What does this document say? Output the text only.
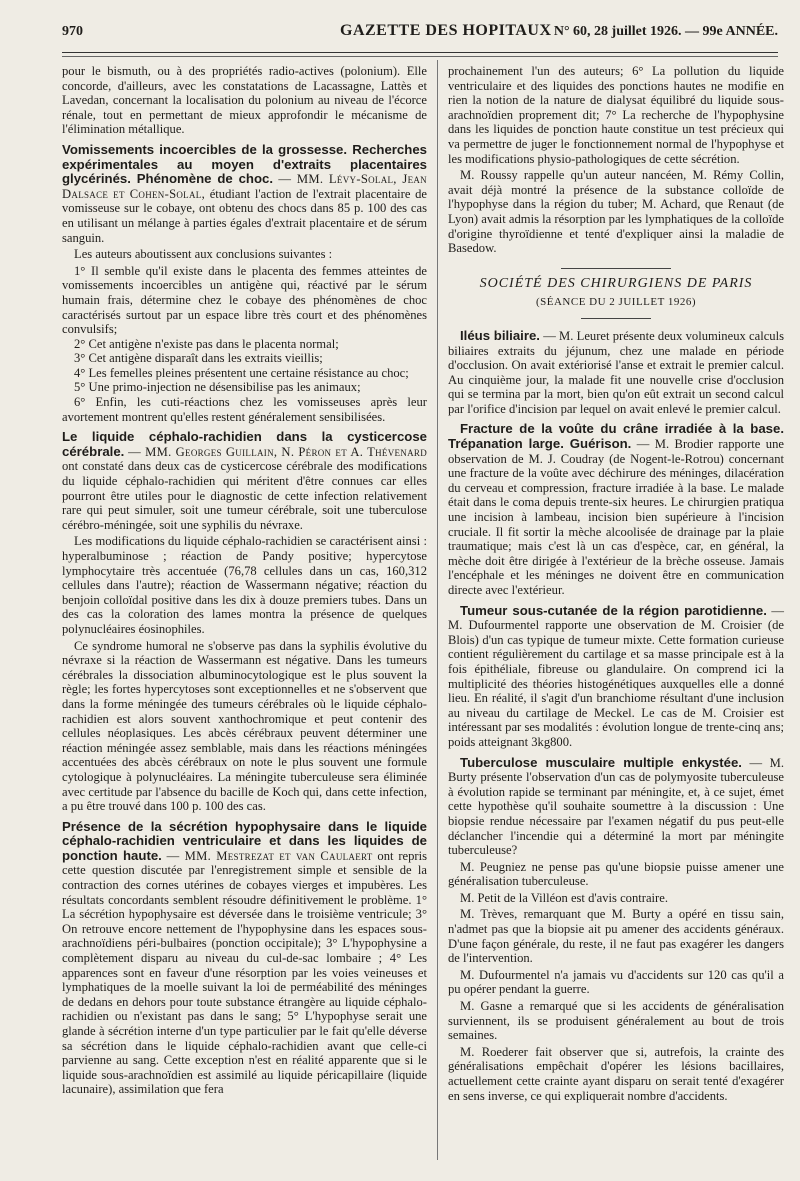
970	GAZETTE DES HOPITAUX N° 60, 28 juillet 1926. — 99e ANNÉE.

pour le bismuth, ou à des propriétés radio-actives (polonium). Elle concorde, d'ailleurs, avec les constatations de Lacassagne, Lattès et Lavedan, concernant la localisation du polonium au niveau de l'écorce rénale, tout en permettant de mieux approfondir le mécanisme de l'élimination métallique.

Vomissements incoercibles de la grossesse. Recherches expérimentales au moyen d'extraits placentaires glycérinés. Phénomène de choc. — MM. Lévy-Solal, Jean Dalsace et Cohen-Solal, étudiant l'action de l'extrait placentaire de vomisseuse sur le cobaye, ont obtenu des chocs dans 85 p. 100 des cas en utilisant un mélange à parties égales d'extrait placentaire et de sérum sanguin.

Les auteurs aboutissent aux conclusions suivantes :

1° Il semble qu'il existe dans le placenta des femmes atteintes de vomissements incoercibles un antigène qui, réactivé par le sérum humain frais, détermine chez le cobaye des phénomènes de choc caractérisés surtout par un espace libre très court et des phénomènes convulsifs;

2° Cet antigène n'existe pas dans le placenta normal;

3° Cet antigène disparaît dans les extraits vieillis;

4° Les femelles pleines présentent une certaine résistance au choc;

5° Une primo-injection ne désensibilise pas les animaux;

6° Enfin, les cuti-réactions chez les vomisseuses après leur avortement montrent qu'elles restent généralement sensibilisées.

Le liquide céphalo-rachidien dans la cysticercose cérébrale. — MM. Georges Guillain, N. Péron et A. Thévenard ont constaté dans deux cas de cysticercose cérébrale des modifications du liquide céphalo-rachidien qui méritent d'être connues car elles pourront être utiles pour le diagnostic de cette infection relativement rare qui peut simuler, soit une tumeur cérébrale, soit une tuberculose cérébro-méningée, soit une syphilis du névraxe.

Les modifications du liquide céphalo-rachidien se caractérisent ainsi : hyperalbuminose ; réaction de Pandy positive; hypercytose lymphocytaire très accentuée (76,78 cellules dans un cas, 160,312 cellules dans l'autre); réaction de Wassermann négative; réaction du benjoin colloïdal positive dans les dix à douze premiers tubes. Dans un des cas la coloration des lames montra la présence de quelques polynucléaires éosinophiles.

Ce syndrome humoral ne s'observe pas dans la syphilis évolutive du névraxe si la réaction de Wassermann est négative. Dans les tumeurs cérébrales la dissociation albuminocytologique est le plus souvent la règle; les fortes hypercytoses sont exceptionnelles et ne s'observent que dans la forme méningée des tumeurs cérébrales où le liquide céphalo-rachidien est alors souvent xanthochromique et peut contenir des cellules néoplasiques. Les abcès cérébraux peuvent déterminer une réaction méningée assez semblable, mais dans les réactions méningées accentuées des abcès cérébraux on note le plus souvent une formule cytologique à polynucléaires. La méningite tuberculeuse sera éliminée avec certitude par l'absence du bacille de Koch qui, dans cette infection, a pu être trouvé dans 100 p. 100 des cas.

Présence de la sécrétion hypophysaire dans le liquide céphalo-rachidien ventriculaire et dans les liquides de ponction haute. — MM. Mestrezat et van Caulaert ont repris cette question discutée par l'enregistrement simple et sensible de la contraction des cornes utérines de cobayes vierges et impubères. Les résultats concordants semblent résoudre définitivement le problème. 1° La sécrétion hypophysaire est déversée dans le troisième ventricule; 3° On retrouve encore nettement de l'hypophysine dans les espaces sous-arachnoïdiens péri-bulbaires (ponction occipitale); 3° L'hypophysine a complètement disparu au niveau du cul-de-sac lombaire ; 4° Les apparences sont en faveur d'une résorption par les voies veineuses et lymphatiques de la moelle suivant la loi de perméabilité des méninges de dedans en dehors pour toute substance étrangère au liquide céphalo-rachidien ou n'existant pas dans le sang; 5° L'hypophyse serait une glande à sécrétion interne d'un type particulier par le fait qu'elle déverse sa sécrétion dans le liquide céphalo-rachidien avant que celle-ci parvienne au sang. Cette exception n'est en réalité apparente que si le liquide sous-arachnoïdien est assimilé au liquide péricapillaire (liquide lacunaire), assimilation que fera

prochainement l'un des auteurs; 6° La pollution du liquide ventriculaire et des liquides des ponctions hautes ne modifie en rien la notion de la nature de dialysat équilibré du liquide sous-arachnoïdien proprement dit; 7° La recherche de l'hypophysine dans les liquides de ponction haute constitue un test précieux qui va permettre de juger le fonctionnement normal de l'hypophyse et les modifications physio-pathologiques de cette sécrétion.

M. Roussy rappelle qu'un auteur nancéen, M. Rémy Collin, avait déjà montré la présence de la substance colloïde de l'hypophyse dans la région du tuber; M. Achard, que Renaut (de Lyon) avait admis la résorption par les lymphatiques de la colloïde d'origine thyroïdienne et tenté d'expliquer ainsi la maladie de Basedow.

SOCIÉTÉ DES CHIRURGIENS DE PARIS
(SÉANCE DU 2 JUILLET 1926)

Iléus biliaire. — M. Leuret présente deux volumineux calculs biliaires extraits du jéjunum, chez une malade en période d'occlusion. On avait extériorisé l'anse et extrait le premier calcul. Au cinquième jour, la malade fit une nouvelle crise d'occlusion qui se termina par la mort, bien qu'on eût extrait un second calcul par l'orifice d'incision par lequel on avait enlevé le premier calcul.

Fracture de la voûte du crâne irradiée à la base. Trépanation large. Guérison. — M. Brodier rapporte une observation de M. J. Coudray (de Nogent-le-Rotrou) concernant une fracture de la voûte avec déchirure des méninges, dilacération du cerveau et compression, fracture irradiée à la base. Le malade était dans le coma depuis trente-six heures. Le chirurgien pratiqua une incision à lambeau, incision bien supérieure à l'incision cruciale. Il fit sortir la mèche alcoolisée de drainage par la plaie traumatique; mais c'est là un cas d'espèce, car, en général, la mèche doit être dirigée à l'extérieur de la brèche osseuse. Jamais l'encéphale et les méninges ne doivent être en communication directe avec l'extérieur.

Tumeur sous-cutanée de la région parotidienne. — M. Dufourmentel rapporte une observation de M. Croisier (de Blois) d'un cas typique de tumeur mixte. Cette formation curieuse contient régulièrement du cartilage et sa masse principale est à la fois épithéliale, fibreuse ou glandulaire. On comprend ici la multiplicité des théories histogénétiques auxquelles elle a donné lieu. En réalité, il s'agit d'un branchiome résultant d'une inclusion au niveau du cartilage de Meckel. Le cas de M. Croisier est intéressant par ses modalités : évolution longue de trente-cinq ans; poids atteignant 3kg800.

Tuberculose musculaire multiple enkystée. — M. Burty présente l'observation d'un cas de polymyosite tuberculeuse à évolution rapide se terminant par méningite, et, à ce sujet, émet cette hypothèse qu'il souhaite soumettre à la discussion : Une biopsie rendue nécessaire par l'examen négatif du pus peut-elle déclancher l'incendie qui a déterminé la mort par méningite tuberculeuse?

M. Peugniez ne pense pas qu'une biopsie puisse amener une généralisation tuberculeuse.

M. Petit de la Villéon est d'avis contraire.

M. Trèves, remarquant que M. Burty a opéré en tissu sain, n'admet pas que la biopsie ait pu amener des accidents généraux. D'une façon générale, du reste, il ne faut pas exagérer les dangers de l'intervention.

M. Dufourmentel n'a jamais vu d'accidents sur 120 cas qu'il a pu opérer pendant la guerre.

M. Gasne a remarqué que si les accidents de généralisation surviennent, ils se produisent généralement au bout de trois semaines.

M. Roederer fait observer que si, autrefois, la crainte des généralisations empêchait d'opérer les lésions bacillaires, actuellement cette crainte ayant disparu on serait tenté d'exagérer en sens inverse, ce qui expliquerait nombre d'accidents.
